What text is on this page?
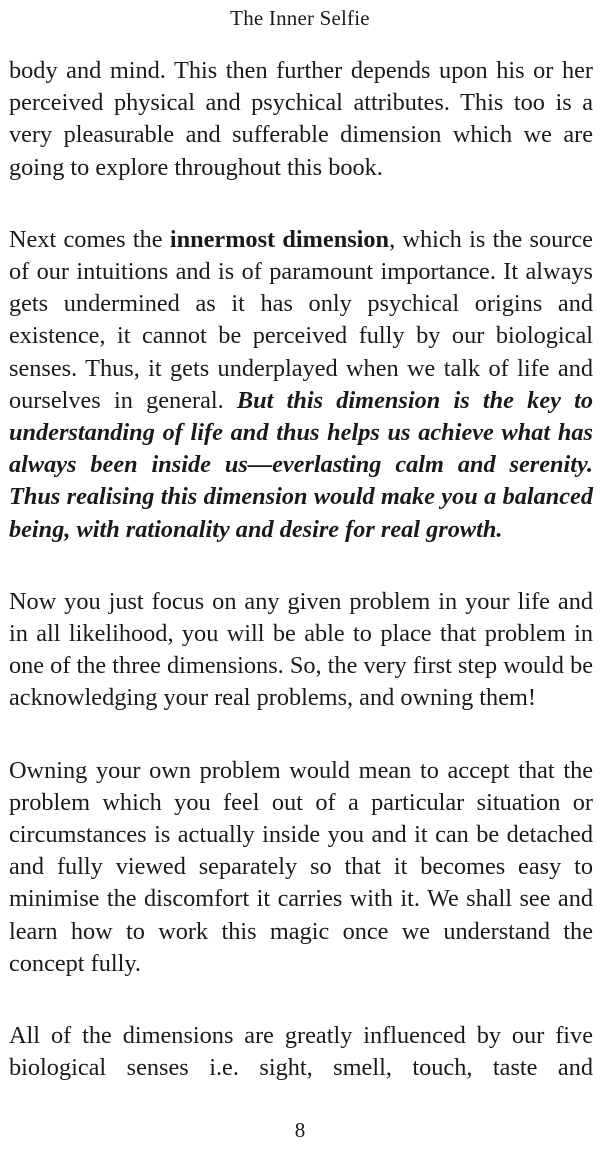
The Inner Selfie

body and mind. This then further depends upon his or her perceived physical and psychical attributes. This too is a very pleasurable and sufferable dimension which we are going to explore throughout this book.

Next comes the innermost dimension, which is the source of our intuitions and is of paramount importance. It always gets undermined as it has only psychical origins and existence, it cannot be perceived fully by our biological senses. Thus, it gets underplayed when we talk of life and ourselves in general. But this dimension is the key to understanding of life and thus helps us achieve what has always been inside us—everlasting calm and serenity. Thus realising this dimension would make you a balanced being, with rationality and desire for real growth.

Now you just focus on any given problem in your life and in all likelihood, you will be able to place that problem in one of the three dimensions. So, the very first step would be acknowledging your real problems, and owning them!

Owning your own problem would mean to accept that the problem which you feel out of a particular situation or circumstances is actually inside you and it can be detached and fully viewed separately so that it becomes easy to minimise the discomfort it carries with it. We shall see and learn how to work this magic once we understand the concept fully.

All of the dimensions are greatly influenced by our five biological senses i.e. sight, smell, touch, taste and

8
